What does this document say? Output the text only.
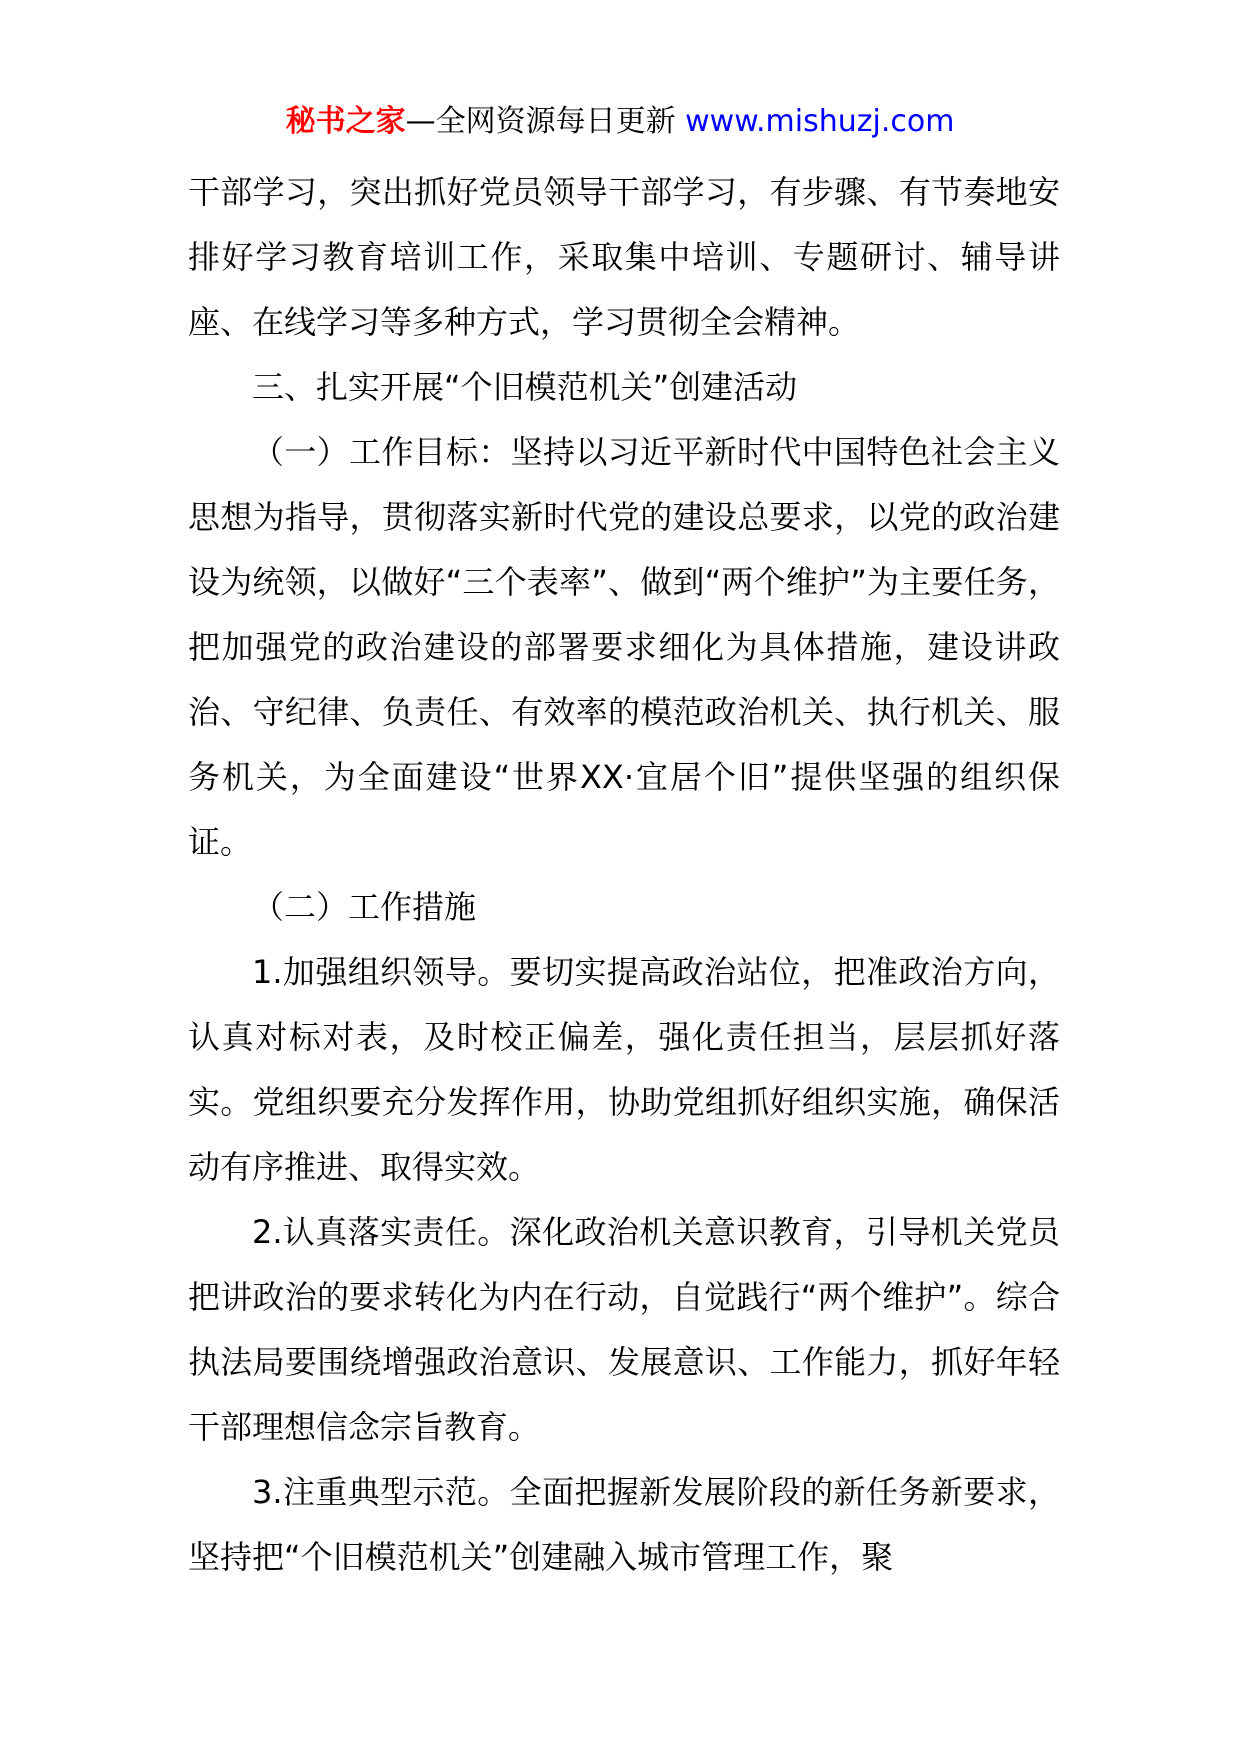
秘书之家—全网资源每日更新 www.mishuzj.com

干部学习，突出抓好党员领导干部学习，有步骤、有节奏地安排好学习教育培训工作，采取集中培训、专题研讨、辅导讲座、在线学习等多种方式，学习贯彻全会精神。

三、扎实开展“个旧模范机关”创建活动

（一）工作目标：坚持以习近平新时代中国特色社会主义思想为指导，贯彻落实新时代党的建设总要求，以党的政治建设为统领，以做好“三个表率”、做到“两个维护”为主要任务，把加强党的政治建设的部署要求细化为具体措施，建设讲政治、守纪律、负责任、有效率的模范政治机关、执行机关、服务机关，为全面建设“世界XX·宜居个旧”提供坚强的组织保证。

（二）工作措施

1.加强组织领导。要切实提高政治站位，把准政治方向，认真对标对表，及时校正偏差，强化责任担当，层层抓好落实。党组织要充分发挥作用，协助党组抓好组织实施，确保活动有序推进、取得实效。

2.认真落实责任。深化政治机关意识教育，引导机关党员把讲政治的要求转化为内在行动，自觉践行“两个维护”。综合执法局要围绕增强政治意识、发展意识、工作能力，抓好年轻干部理想信念宗旨教育。

3.注重典型示范。全面把握新发展阶段的新任务新要求，坚持把“个旧模范机关”创建融入城市管理工作，聚
